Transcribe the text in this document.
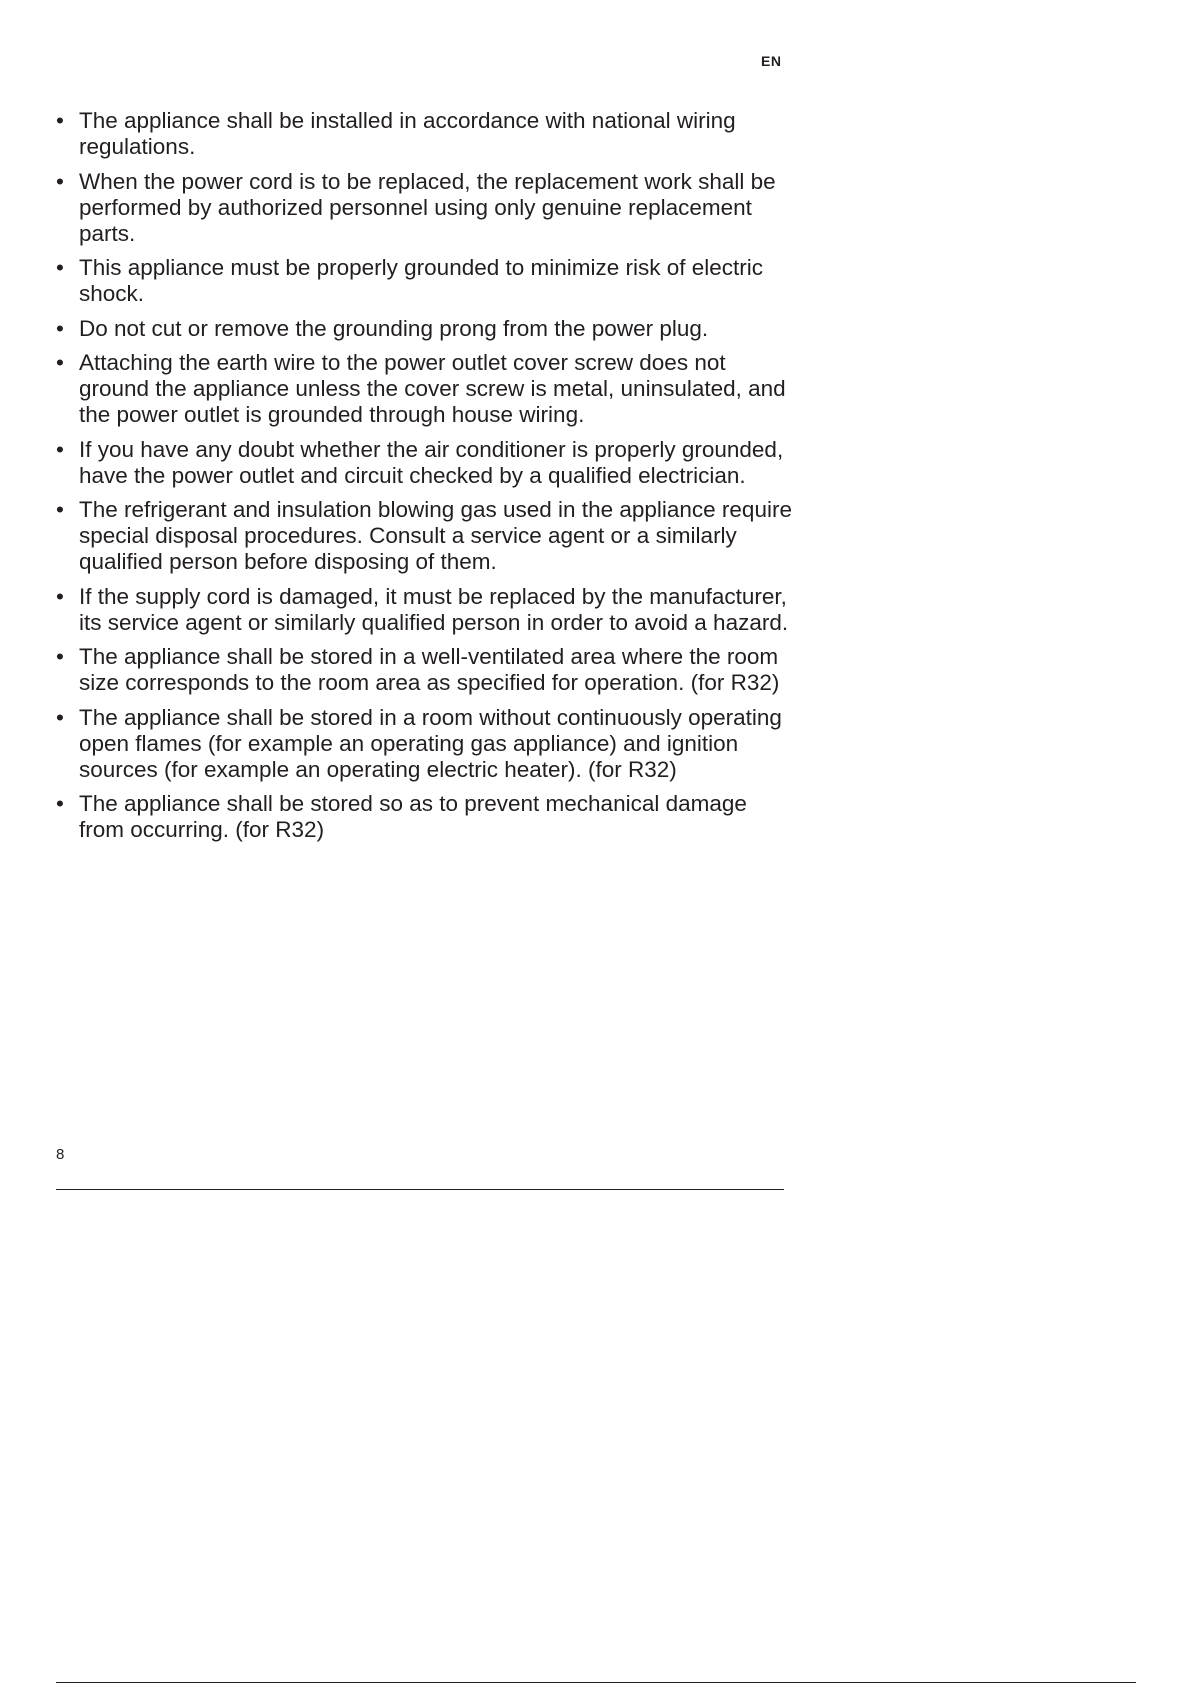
EN

• The appliance shall be installed in accordance with national wiring regulations.
• When the power cord is to be replaced, the replacement work shall be performed by authorized personnel using only genuine replacement parts.
• This appliance must be properly grounded to minimize risk of electric shock.
• Do not cut or remove the grounding prong from the power plug.
• Attaching the earth wire to the power outlet cover screw does not ground the appliance unless the cover screw is metal, uninsulated, and the power outlet is grounded through house wiring.
• If you have any doubt whether the air conditioner is properly grounded, have the power outlet and circuit checked by a qualified electrician.
• The refrigerant and insulation blowing gas used in the appliance require special disposal procedures. Consult a service agent or a similarly qualified person before disposing of them.
• If the supply cord is damaged, it must be replaced by the manufacturer, its service agent or similarly qualified person in order to avoid a hazard.
• The appliance shall be stored in a well-ventilated area where the room size corresponds to the room area as specified for operation. (for R32)
• The appliance shall be stored in a room without continuously operating open flames (for example an operating gas appliance) and ignition sources (for example an operating electric heater). (for R32)
• The appliance shall be stored so as to prevent mechanical damage from occurring. (for R32)

8
